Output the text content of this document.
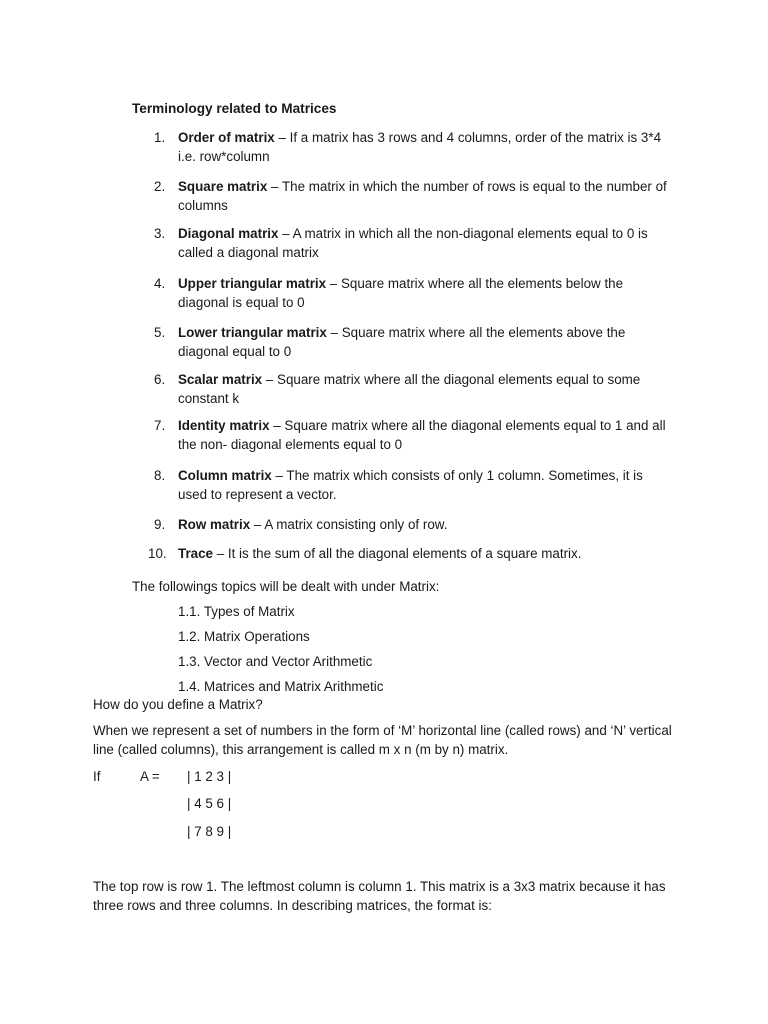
Terminology related to Matrices
1. Order of matrix – If a matrix has 3 rows and 4 columns, order of the matrix is 3*4 i.e. row*column
2. Square matrix – The matrix in which the number of rows is equal to the number of columns
3. Diagonal matrix – A matrix in which all the non-diagonal elements equal to 0 is called a diagonal matrix
4. Upper triangular matrix – Square matrix where all the elements below the diagonal is equal to 0
5. Lower triangular matrix – Square matrix where all the elements above the diagonal equal to 0
6. Scalar matrix – Square matrix where all the diagonal elements equal to some constant k
7. Identity matrix – Square matrix where all the diagonal elements equal to 1 and all the non- diagonal elements equal to 0
8. Column matrix – The matrix which consists of only 1 column. Sometimes, it is used to represent a vector.
9. Row matrix – A matrix consisting only of row.
10. Trace – It is the sum of all the diagonal elements of a square matrix.
The followings topics will be dealt with under Matrix:
1.1. Types of Matrix
1.2. Matrix Operations
1.3. Vector and Vector Arithmetic
1.4. Matrices and Matrix Arithmetic

How do you define a Matrix?

When we represent a set of numbers in the form of ‘M’ horizontal line (called rows) and ‘N’ vertical line (called columns), this arrangement is called m x n (m by n) matrix.

If	A = | 1 2 3 |
| 4 5 6 |
| 7 8 9 |

The top row is row 1. The leftmost column is column 1. This matrix is a 3x3 matrix because it has three rows and three columns. In describing matrices, the format is:
